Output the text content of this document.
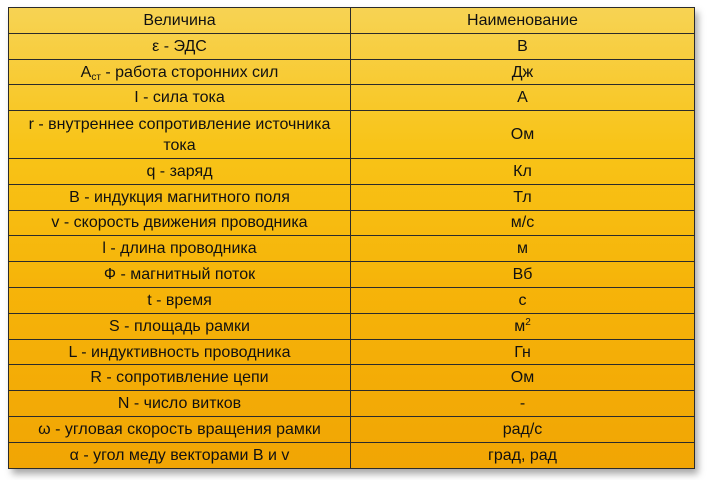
Величина	Наименование
ε - ЭДС	В
$A_{ст}$ - работа сторонних сил	Дж
I - сила тока	А
r - внутреннее сопротивление источника тока	Ом
q - заряд	Кл
B - индукция магнитного поля	Тл
v - скорость движения проводника	м/с
l - длина проводника	м
Ф - магнитный поток	Вб
t - время	с
S - площадь рамки	$м^2$
L - индуктивность проводника	Гн
R - сопротивление цепи	Ом
N - число витков	-
ω - угловая скорость вращения рамки	рад/с
α - угол меду векторами B и v	град, рад
